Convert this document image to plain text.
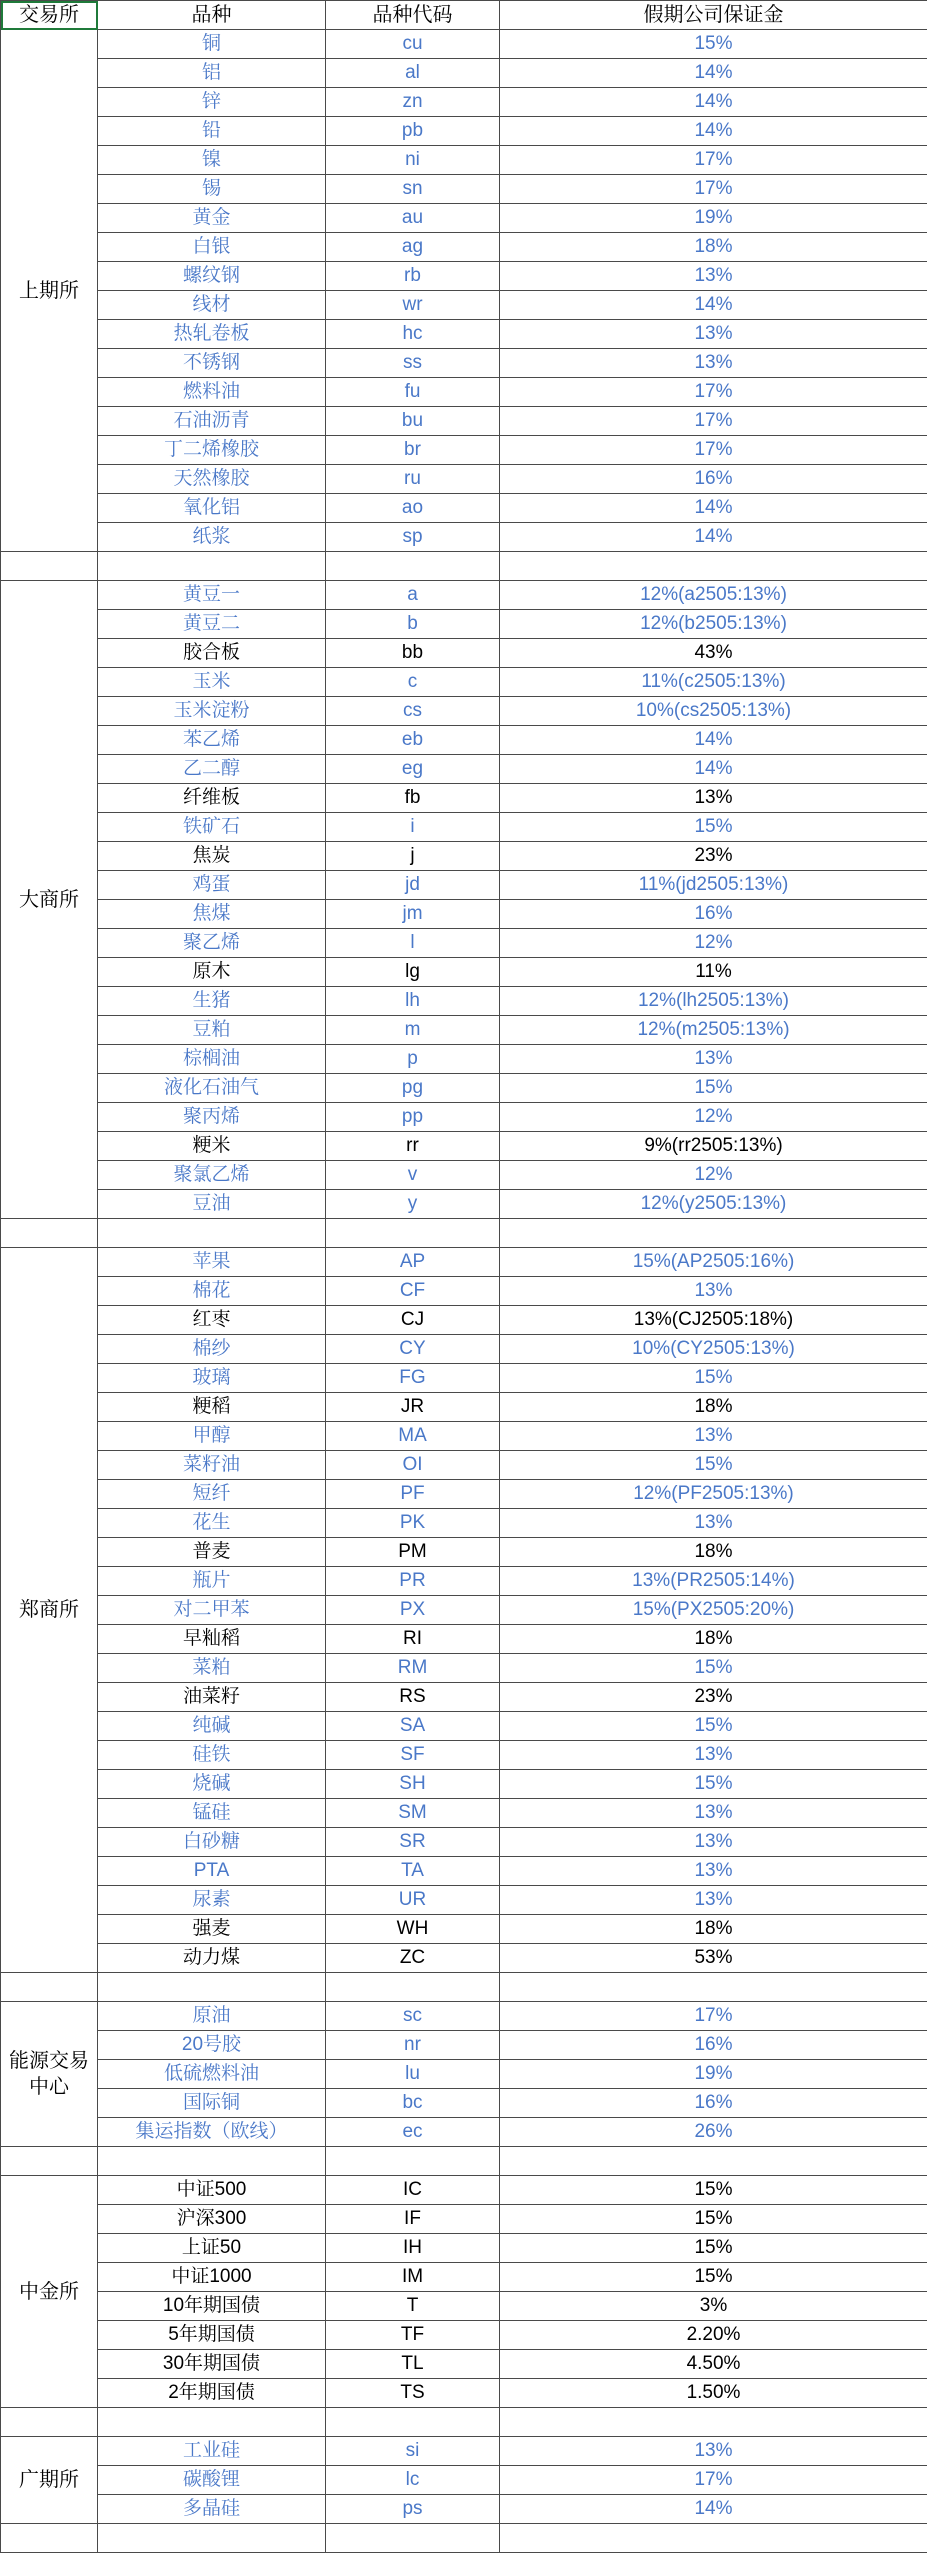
交易所	品种	品种代码	假期公司保证金
上期所	铜	cu	15%
	铝	al	14%
	锌	zn	14%
	铅	pb	14%
	镍	ni	17%
	锡	sn	17%
	黄金	au	19%
	白银	ag	18%
	螺纹钢	rb	13%
	线材	wr	14%
	热轧卷板	hc	13%
	不锈钢	ss	13%
	燃料油	fu	17%
	石油沥青	bu	17%
	丁二烯橡胶	br	17%
	天然橡胶	ru	16%
	氧化铝	ao	14%
	纸浆	sp	14%

大商所	黄豆一	a	12%(a2505:13%)
	黄豆二	b	12%(b2505:13%)
	胶合板	bb	43%
	玉米	c	11%(c2505:13%)
	玉米淀粉	cs	10%(cs2505:13%)
	苯乙烯	eb	14%
	乙二醇	eg	14%
	纤维板	fb	13%
	铁矿石	i	15%
	焦炭	j	23%
	鸡蛋	jd	11%(jd2505:13%)
	焦煤	jm	16%
	聚乙烯	l	12%
	原木	lg	11%
	生猪	lh	12%(lh2505:13%)
	豆粕	m	12%(m2505:13%)
	棕榈油	p	13%
	液化石油气	pg	15%
	聚丙烯	pp	12%
	粳米	rr	9%(rr2505:13%)
	聚氯乙烯	v	12%
	豆油	y	12%(y2505:13%)

郑商所	苹果	AP	15%(AP2505:16%)
	棉花	CF	13%
	红枣	CJ	13%(CJ2505:18%)
	棉纱	CY	10%(CY2505:13%)
	玻璃	FG	15%
	粳稻	JR	18%
	甲醇	MA	13%
	菜籽油	OI	15%
	短纤	PF	12%(PF2505:13%)
	花生	PK	13%
	普麦	PM	18%
	瓶片	PR	13%(PR2505:14%)
	对二甲苯	PX	15%(PX2505:20%)
	早籼稻	RI	18%
	菜粕	RM	15%
	油菜籽	RS	23%
	纯碱	SA	15%
	硅铁	SF	13%
	烧碱	SH	15%
	锰硅	SM	13%
	白砂糖	SR	13%
	PTA	TA	13%
	尿素	UR	13%
	强麦	WH	18%
	动力煤	ZC	53%

能源交易中心	原油	sc	17%
	20号胶	nr	16%
	低硫燃料油	lu	19%
	国际铜	bc	16%
	集运指数（欧线）	ec	26%

中金所	中证500	IC	15%
	沪深300	IF	15%
	上证50	IH	15%
	中证1000	IM	15%
	10年期国债	T	3%
	5年期国债	TF	2.20%
	30年期国债	TL	4.50%
	2年期国债	TS	1.50%

广期所	工业硅	si	13%
	碳酸锂	lc	17%
	多晶硅	ps	14%
